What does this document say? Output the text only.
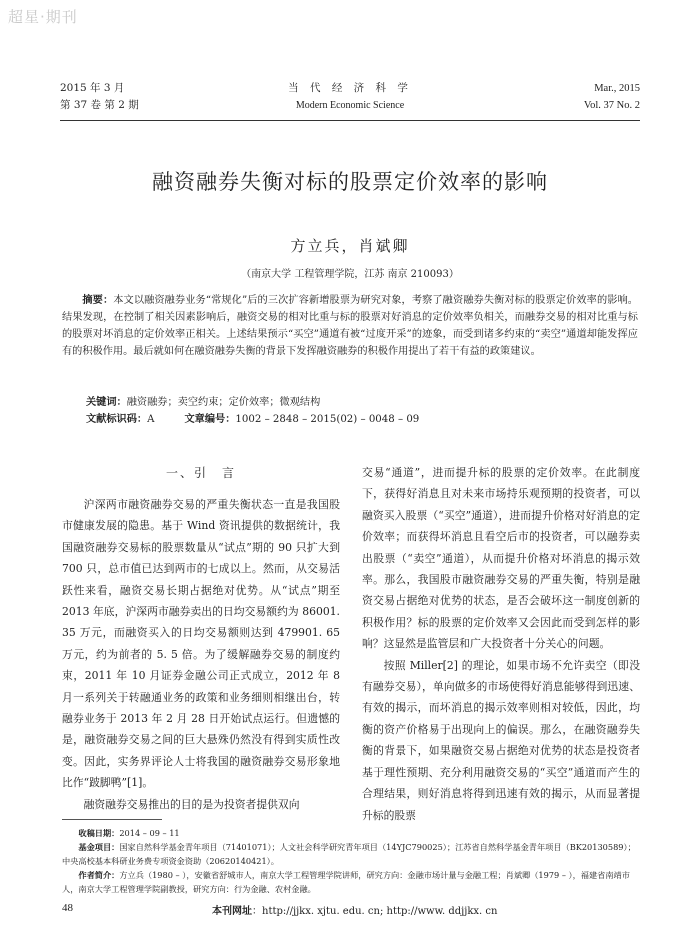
超星·期刊
2015 年 3 月
第 37 卷 第 2 期
当 代 经 济 科 学
Modern Economic Science
Mar., 2015
Vol. 37 No. 2
融资融券失衡对标的股票定价效率的影响
方立兵，肖斌卿
（南京大学 工程管理学院，江苏 南京 210093）
摘要：本文以融资融券业务“常规化”后的三次扩容新增股票为研究对象，考察了融资融券失衡对标的股票定价效率的影响。结果发现，在控制了相关因素影响后，融资交易的相对比重与标的股票对好消息的定价效率负相关，而融券交易的相对比重与标的股票对坏消息的定价效率正相关。上述结果预示“买空”通道有被“过度开采”的迹象，而受到诸多约束的“卖空”通道却能发挥应有的积极作用。最后就如何在融资融券失衡的背景下发挥融资融券的积极作用提出了若干有益的政策建议。
关键词：融资融券；卖空约束；定价效率；微观结构
文献标识码：A	文章编号：1002 – 2848 – 2015(02) – 0048 – 09
一、引　言

沪深两市融资融券交易的严重失衡状态一直是我国股市健康发展的隐患。基于 Wind 资讯提供的数据统计，我国融资融券交易标的股票数量从“试点”期的 90 只扩大到 700 只，总市值已达到两市的七成以上。然而，从交易活跃性来看，融资交易长期占据绝对优势。从“试点”期至 2013 年底，沪深两市融券卖出的日均交易额约为 86001. 35 万元，而融资买入的日均交易额则达到 479901. 65 万元，约为前者的 5. 5 倍。为了缓解融券交易的制度约束，2011 年 10 月证券金融公司正式成立，2012 年 8 月一系列关于转融通业务的政策和业务细则相继出台，转融券业务于 2013 年 2 月 28 日开始试点运行。但遗憾的是，融资融券交易之间的巨大悬殊仍然没有得到实质性改变。因此，实务界评论人士将我国的融资融券交易形象地比作“跛脚鸭”[1]。

融资融券交易推出的目的是为投资者提供双向

交易“通道”，进而提升标的股票的定价效率。在此制度下，获得好消息且对未来市场持乐观预期的投资者，可以融资买入股票（“买空”通道），进而提升价格对好消息的定价效率；而获得坏消息且看空后市的投资者，可以融券卖出股票（“卖空”通道），从而提升价格对坏消息的揭示效率。那么，我国股市融资融券交易的严重失衡，特别是融资交易占据绝对优势的状态，是否会破坏这一制度创新的积极作用？标的股票的定价效率又会因此而受到怎样的影响？这显然是监管层和广大投资者十分关心的问题。

按照 Miller[2] 的理论，如果市场不允许卖空（即没有融券交易），单向做多的市场使得好消息能够得到迅速、有效的揭示，而坏消息的揭示效率则相对较低，因此，均衡的资产价格易于出现向上的偏误。那么，在融资融券失衡的背景下，如果融资交易占据绝对优势的状态是投资者基于理性预期、充分利用融资交易的“买空”通道而产生的合理结果，则好消息将得到迅速有效的揭示，从而显著提升标的股票

收稿日期：2014 – 09 – 11

基金项目：国家自然科学基金青年项目（71401071）；人文社会科学研究青年项目（14YJC790025）；江苏省自然科学基金青年项目（BK20130589）；中央高校基本科研业务费专项资金资助（20620140421）。

作者简介：方立兵（1980 – ），安徽省舒城市人，南京大学工程管理学院讲师，研究方向：金融市场计量与金融工程；肖斌卿（1979 – ），福建省南靖市人，南京大学工程管理学院副教授，研究方向：行为金融、农村金融。

48	本刊网址：http://jjkx. xjtu. edu. cn; http://www. ddjjkx. cn
